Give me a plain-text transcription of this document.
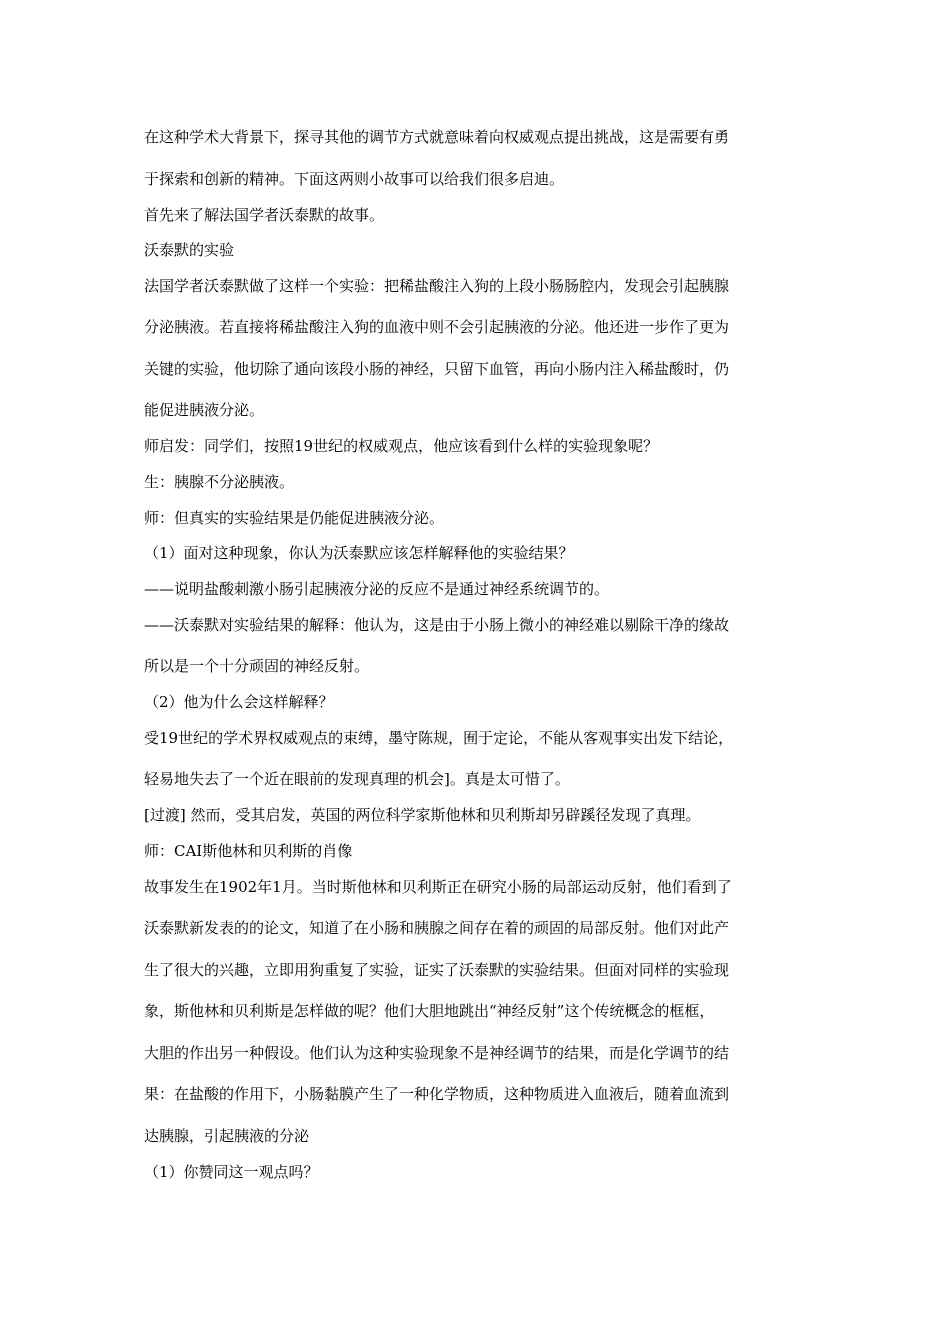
在这种学术大背景下，探寻其他的调节方式就意味着向权威观点提出挑战，这是需要有勇
于探索和创新的精神。下面这两则小故事可以给我们很多启迪。
首先来了解法国学者沃泰默的故事。
沃泰默的实验
法国学者沃泰默做了这样一个实验：把稀盐酸注入狗的上段小肠肠腔内，发现会引起胰腺
分泌胰液。若直接将稀盐酸注入狗的血液中则不会引起胰液的分泌。他还进一步作了更为
关键的实验，他切除了通向该段小肠的神经，只留下血管，再向小肠内注入稀盐酸时，仍
能促进胰液分泌。
师启发：同学们，按照19世纪的权威观点，他应该看到什么样的实验现象呢？
生：胰腺不分泌胰液。
师：但真实的实验结果是仍能促进胰液分泌。
（1）面对这种现象，你认为沃泰默应该怎样解释他的实验结果？
——说明盐酸刺激小肠引起胰液分泌的反应不是通过神经系统调节的。
——沃泰默对实验结果的解释：他认为，这是由于小肠上微小的神经难以剔除干净的缘故
所以是一个十分顽固的神经反射。
（2）他为什么会这样解释？
受19世纪的学术界权威观点的束缚，墨守陈规，囿于定论，不能从客观事实出发下结论，
轻易地失去了一个近在眼前的发现真理的机会]。真是太可惜了。
[过渡] 然而，受其启发，英国的两位科学家斯他林和贝利斯却另辟蹊径发现了真理。
师：CAI斯他林和贝利斯的肖像
故事发生在1902年1月。当时斯他林和贝利斯正在研究小肠的局部运动反射，他们看到了
沃泰默新发表的的论文，知道了在小肠和胰腺之间存在着的顽固的局部反射。他们对此产
生了很大的兴趣，立即用狗重复了实验，证实了沃泰默的实验结果。但面对同样的实验现
象，斯他林和贝利斯是怎样做的呢？他们大胆地跳出“神经反射”这个传统概念的框框，
大胆的作出另一种假设。他们认为这种实验现象不是神经调节的结果，而是化学调节的结
果：在盐酸的作用下，小肠黏膜产生了一种化学物质，这种物质进入血液后，随着血流到
达胰腺，引起胰液的分泌
（1）你赞同这一观点吗？
